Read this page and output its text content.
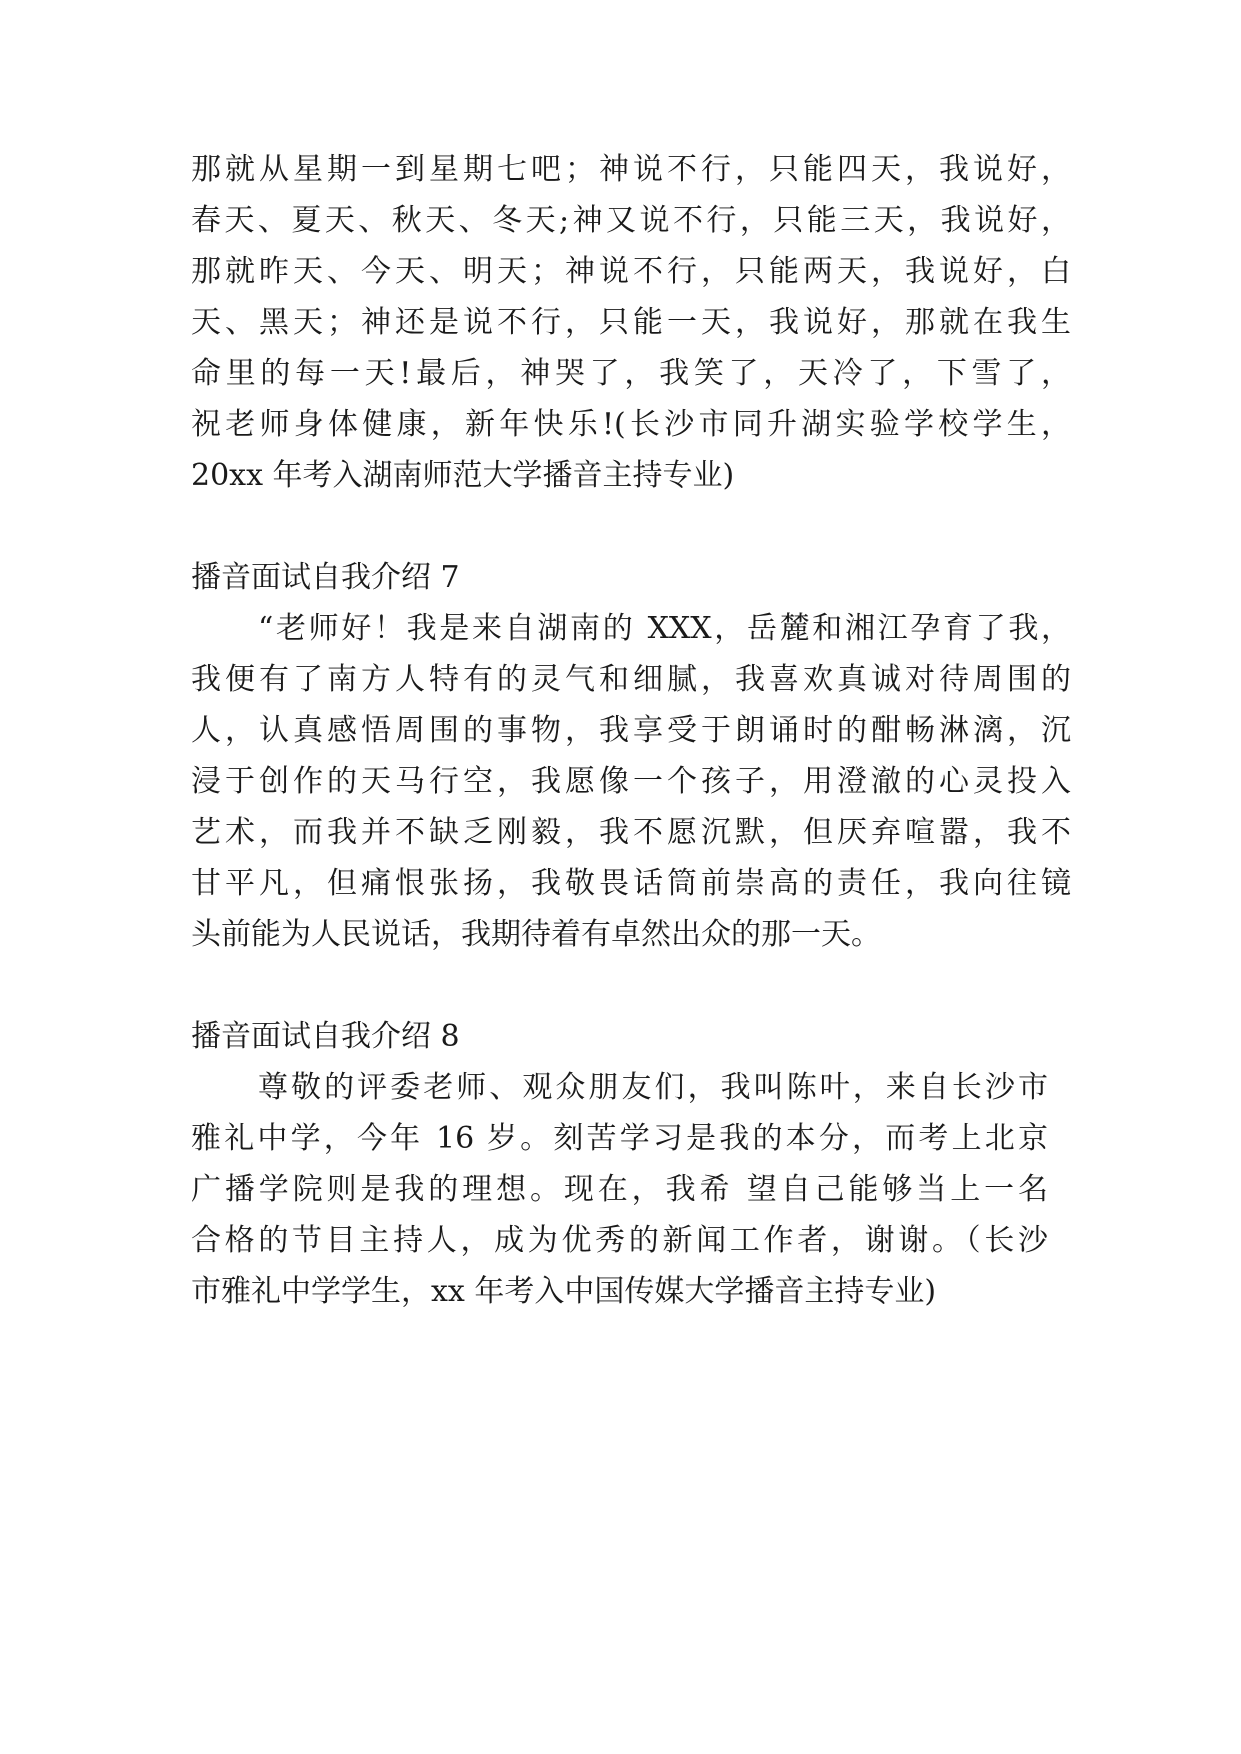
那就从星期一到星期七吧；神说不行，只能四天，我说好，
春天、夏天、秋天、冬天;神又说不行，只能三天，我说好，
那就昨天、今天、明天；神说不行，只能两天，我说好，白
天、黑天；神还是说不行，只能一天，我说好，那就在我生
命里的每一天!最后，神哭了，我笑了，天冷了，下雪了，
祝老师身体健康，新年快乐!(长沙市同升湖实验学校学生，
20xx 年考入湖南师范大学播音主持专业)
播音面试自我介绍 7
“老师好！我是来自湖南的 XXX，岳麓和湘江孕育了我，
我便有了南方人特有的灵气和细腻，我喜欢真诚对待周围的
人，认真感悟周围的事物，我享受于朗诵时的酣畅淋漓，沉
浸于创作的天马行空，我愿像一个孩子，用澄澈的心灵投入
艺术，而我并不缺乏刚毅，我不愿沉默，但厌弃喧嚣，我不
甘平凡，但痛恨张扬，我敬畏话筒前崇高的责任，我向往镜
头前能为人民说话，我期待着有卓然出众的那一天。
播音面试自我介绍 8
尊敬的评委老师、观众朋友们，我叫陈叶，来自长沙市
雅礼中学，今年 16 岁。刻苦学习是我的本分，而考上北京
广播学院则是我的理想。现在，我希 望自己能够当上一名
合格的节目主持人，成为优秀的新闻工作者，谢谢。（长沙
市雅礼中学学生，xx 年考入中国传媒大学播音主持专业)
